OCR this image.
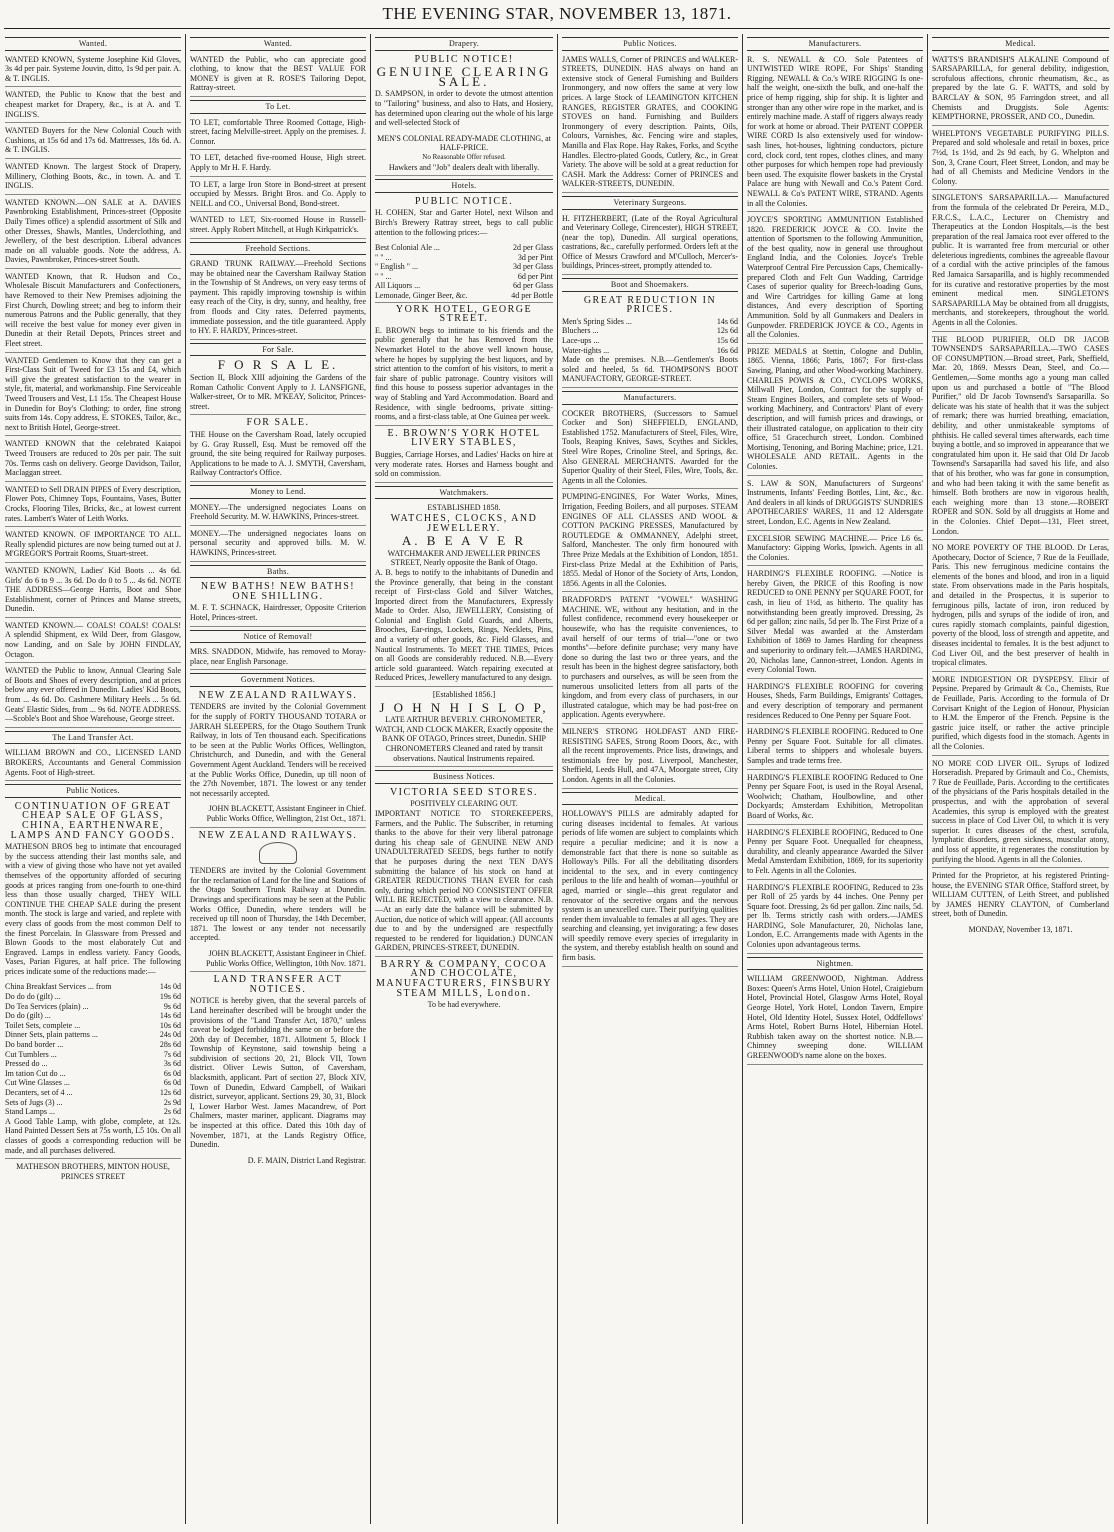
THE EVENING STAR, NOVEMBER 13, 1871.
Wanted.
WANTED KNOWN, Systeme Josephine Kid Gloves, 3s 4d per pair. Systeme Jouvin, ditto, 1s 9d per pair. A. & T. INGLIS.
WANTED, the Public to Know that the best and cheapest market for Drapery, &c., is at A. and T. INGLIS'S.
WANTED Buyers for the New Colonial Couch with Cushions, at 15s 6d and 17s 6d. Mattresses, 18s 6d. A. & T. INGLIS.
WANTED Known. The largest Stock of Drapery, Millinery, Clothing Boots, &c., in town. A. and T. INGLIS.
WANTED KNOWN.—ON SALE at A. DAVIES Pawnbroking Establishment, Princes-street (Opposite Daily Times office) a splendid assortment of Silk and other Dresses, Shawls, Mantles, Underclothing, and Jewellery, of the best description. Liberal advances made on all valuable goods. Note the address, A. Davies, Pawnbroker, Princes-street South.
WANTED Known, that R. Hudson and Co., Wholesale Biscuit Manufacturers and Confectioners, have Removed to their New Premises adjoining the First Church, Dowling street; and beg to inform their numerous Patrons and the Public generally, that they will receive the best value for money ever given in Dunedin at their Retail Depots, Princes street and Fleet street.
WANTED Gentlemen to Know that they can get a First-Class Suit of Tweed for £3 15s and £4, which will give the greatest satisfaction to the wearer in style, fit, material, and workmanship. Fine Serviceable Tweed Trousers and Vest, L1 15s. The Cheapest House in Dunedin for Boy's Clothing: to order, fine strong suits from 14s. Copy address, E. STOKES, Tailor, &c., next to British Hotel, George-street.
WANTED KNOWN that the celebrated Kaiapoi Tweed Trousers are reduced to 20s per pair. The suit 70s. Terms cash on delivery. George Davidson, Tailor, Maclaggan street.
WANTED to Sell DRAIN PIPES of Every description, Flower Pots, Chimney Tops, Fountains, Vases, Butter Crocks, Flooring Tiles, Bricks, &c., at lowest current rates. Lambert's Water of Leith Works.
WANTED KNOWN. OF IMPORTANCE TO ALL. Really splendid pictures are now being turned out at J. M'GREGOR'S Portrait Rooms, Stuart-street.
WANTED KNOWN, Ladies' Kid Boots ... 4s 6d. Girls' do 6 to 9 ... 3s 6d. Do do 0 to 5 ... 4s 6d. NOTE THE ADDRESS—George Harris, Boot and Shoe Establishment, corner of Princes and Manse streets, Dunedin.
WANTED KNOWN.— COALS! COALS! COALS! A splendid Shipment, ex Wild Deer, from Glasgow, now Landing, and on Sale by JOHN FINDLAY, Octagon.
WANTED the Public to know, Annual Clearing Sale of Boots and Shoes of every description, and at prices below any ever offered in Dunedin. Ladies' Kid Boots, from ... 4s 6d. Do. Cashmere Military Heels ... 5s 6d. Geats' Elastic Sides, from ... 9s 6d. NOTE ADDRESS.—Scoble's Boot and Shoe Warehouse, George street.
The Land Transfer Act.
WILLIAM BROWN and CO., LICENSED LAND BROKERS, Accountants and General Commission Agents. Foot of High-street.
Public Notices.
CONTINUATION OF GREAT CHEAP SALE OF GLASS, CHINA, EARTHENWARE, LAMPS AND FANCY GOODS.
MATHESON BROS beg to intimate that encouraged by the success attending their last months sale, and with a view of giving those who have not yet availed themselves of the opportunity afforded of securing goods at prices ranging from one-fourth to one-third less than those usually charged, THEY WILL CONTINUE THE CHEAP SALE during the present month. The stock is large and varied, and replete with every class of goods from the most common Delf to the finest Porcelain. In Glassware from Pressed and Blown Goods to the most elaborately Cut and Engraved. Lamps in endless variety. Fancy Goods, Vases, Parian Figures, at half price. The following prices indicate some of the reductions made:—
China Breakfast Services ... from	14s 0d
Do do do (gilt) ...	19s 6d
Do Tea Services (plain) ...	9s 6d
Do do (gilt) ...	14s 6d
Toilet Sets, complete ...	10s 6d
Dinner Sets, plain patterns ...	24s 0d
Do band border ...	28s 6d
Cut Tumblers ...	7s 6d
Pressed do ...	3s 6d
Im tation Cut do ...	6s 0d
Cut Wine Glasses ...	6s 0d
Decanters, set of 4 ...	12s 6d
Sets of Jugs (3) ...	2s 9d
Stand Lamps ...	2s 6d
A Good Table Lamp, with globe, complete, at 12s. Hand Painted Dessert Sets at 75s worth, L5 10s. On all classes of goods a corresponding reduction will be made, and all purchases delivered.
MATHESON BROTHERS, MINTON HOUSE, PRINCES STREET
Wanted.
WANTED the Public, who can appreciate good clothing, to know that the BEST VALUE FOR MONEY is given at R. ROSE'S Tailoring Depot, Rattray-street.
To Let.
TO LET, comfortable Three Roomed Cottage, High-street, facing Melville-street. Apply on the premises. J. Connor.
TO LET, detached five-roomed House, High street. Apply to Mr H. F. Hardy.
TO LET, a large Iron Store in Bond-street at present occupied by Messrs. Bright Bros. and Co. Apply to NEILL and CO., Universal Bond, Bond-street.
WANTED to LET, Six-roomed House in Russell-street. Apply Robert Mitchell, at Hugh Kirkpatrick's.
Freehold Sections.
GRAND TRUNK RAILWAY.—Freehold Sections may be obtained near the Caversham Railway Station in the Township of St Andrews, on very easy terms of payment. This rapidly improving township is within easy reach of the City, is dry, sunny, and healthy, free from floods and City rates. Deferred payments, immediate possession, and the title guaranteed. Apply to HY. F. HARDY, Princes-street.
For Sale.
F O R S A L E.
Section II, Block XIII adjoining the Gardens of the Roman Catholic Convent Apply to J. LANSFIGNE, Walker-street, Or to MR. M'KEAY, Solicitor, Princes-street.
FOR SALE.
THE House on the Caversham Road, lately occupied by G. Gray Russell, Esq. Must be removed off the ground, the site being required for Railway purposes. Applications to be made to A. J. SMYTH, Caversham, Railway Contractor's Office.
Money to Lend.
MONEY.—The undersigned negociates Loans on Freehold Security. M. W. HAWKINS, Princes-street.
MONEY.—The undersigned negociates loans on personal security and approved bills. M. W. HAWKINS, Princes-street.
Baths.
NEW BATHS! NEW BATHS! ONE SHILLING.
M. F. T. SCHNACK, Hairdresser, Opposite Criterion Hotel, Princes-street.
Notice of Removal!
MRS. SNADDON, Midwife, has removed to Moray-place, near English Parsonage.
Government Notices.
NEW ZEALAND RAILWAYS.
TENDERS are invited by the Colonial Government for the supply of FORTY THOUSAND TOTARA or JARRAH SLEEPERS, for the Otago Southern Trunk Railway, in lots of Ten thousand each. Specifications to be seen at the Public Works Offices, Wellington, Christchurch, and Dunedin, and with the General Government Agent Auckland. Tenders will be received at the Public Works Office, Dunedin, up till noon of the 27th November, 1871. The lowest or any tender not necessarily accepted.
JOHN BLACKETT, Assistant Engineer in Chief. Public Works Office, Wellington, 21st Oct., 1871.
NEW ZEALAND RAILWAYS.
TENDERS are invited by the Colonial Government for the reclamation of Land for the line and Stations of the Otago Southern Trunk Railway at Dunedin. Drawings and specifications may be seen at the Public Works Office, Dunedin, where tenders will be received up till noon of Thursday, the 14th December, 1871. The lowest or any tender not necessarily accepted.
JOHN BLACKETT, Assistant Engineer in Chief. Public Works Office, Wellington, 10th Nov. 1871.
LAND TRANSFER ACT NOTICES.
NOTICE is hereby given, that the several parcels of Land hereinafter described will be brought under the provisions of the "Land Transfer Act, 1870," unless caveat be lodged forbidding the same on or before the 20th day of December, 1871. Allotment 5, Block I Township of Keynstone, said township being a subdivision of sections 20, 21, Block VII, Town district. Oliver Lewis Sutton, of Caversham, blacksmith, applicant. Part of section 27, Block XIV, Town of Dunedin, Edward Campbell, of Waikari district, surveyor, applicant. Sections 29, 30, 31, Block I, Lower Harbor West. James Macandrew, of Port Chalmers, master mariner, applicant. Diagrams may be inspected at this office. Dated this 10th day of November, 1871, at the Lands Registry Office, Dunedin.
D. F. MAIN, District Land Registrar.
Drapery.
PUBLIC NOTICE!
GENUINE CLEARING SALE.
D. SAMPSON, in order to devote the utmost attention to "Tailoring" business, and also to Hats, and Hosiery, has determined upon clearing out the whole of his large and well-selected Stock of
MEN'S COLONIAL READY-MADE CLOTHING, at HALF-PRICE.
No Reasonable Offer refused.
Hawkers and "Job" dealers dealt with liberally.
Hotels.
PUBLIC NOTICE.
H. COHEN, Star and Garter Hotel, next Wilson and Birch's Brewery Rattray street, begs to call public attention to the following prices:—
Best Colonial Ale ...	2d per Glass
" " ...	3d per Pint
" English " ...	3d per Glass
" " ...	6d per Pint
All Liquors ...	6d per Glass
Lemonade, Ginger Beer, &c.	4d per Bottle
YORK HOTEL, GEORGE STREET.
E. BROWN begs to intimate to his friends and the public generally that he has Removed from the Newmarket Hotel to the above well known house, where he hopes by supplying the best liquors, and by strict attention to the comfort of his visitors, to merit a fair share of public patronage. Country visitors will find this house to possess superior advantages in the way of Stabling and Yard Accommodation. Board and Residence, with single bedrooms, private sitting-rooms, and a first-class table, at One Guinea per week.
E. BROWN'S YORK HOTEL LIVERY STABLES,
Buggies, Carriage Horses, and Ladies' Hacks on hire at very moderate rates. Horses and Harness bought and sold on commission.
Watchmakers.
ESTABLISHED 1858.
WATCHES, CLOCKS, AND JEWELLERY.
A. B E A V E R
WATCHMAKER AND JEWELLER PRINCES STREET, Nearly opposite the Bank of Otago.
A. B. begs to notify to the inhabitants of Dunedin and the Province generally, that being in the constant receipt of First-class Gold and Silver Watches, Imported direct from the Manufacturers, Expressly Made to Order. Also, JEWELLERY, Consisting of Colonial and English Gold Guards, and Alberts, Brooches, Ear-rings, Lockets, Rings, Necklets, Pins, and a variety of other goods, &c. Field Glasses, and Nautical Instruments. To MEET THE TIMES, Prices on all Goods are considerably reduced. N.B.—Every article sold guaranteed. Watch repairing executed at Reduced Prices, Jewellery manufactured to any design.
[Established 1856.]
J O H N H I S L O P,
LATE ARTHUR BEVERLY. CHRONOMETER, WATCH, AND CLOCK MAKER, Exactly opposite the BANK OF OTAGO, Princes street, Dunedin. SHIP CHRONOMETERS Cleaned and rated by transit observations. Nautical Instruments repaired.
Business Notices.
VICTORIA SEED STORES.
POSITIVELY CLEARING OUT.
IMPORTANT NOTICE TO STOREKEEPERS, Farmers, and the Public. The Subscriber, in returning thanks to the above for their very liberal patronage during his cheap sale of GENUINE NEW AND UNADULTERATED SEEDS, begs further to notify that he purposes during the next TEN DAYS submitting the balance of his stock on hand at GREATER REDUCTIONS THAN EVER for cash only, during which period NO CONSISTENT OFFER WILL BE REJECTED, with a view to clearance. N.B.—At an early date the balance will be submitted by Auction, due notice of which will appear. (All accounts due to and by the undersigned are respectfully requested to be rendered for liquidation.) DUNCAN GARDEN, PRINCES-STREET, DUNEDIN.
BARRY & COMPANY, COCOA AND CHOCOLATE, MANUFACTURERS, FINSBURY STEAM MILLS, London.
To be had everywhere.
Public Notices.
JAMES WALLS, Corner of PRINCES and WALKER-STREETS, DUNEDIN. HAS always on hand an extensive stock of General Furnishing and Builders Ironmongery, and now offers the same at very low prices. A large Stock of LEAMINGTON KITCHEN RANGES, REGISTER GRATES, and COOKING STOVES on hand. Furnishing and Builders Ironmongery of every description. Paints, Oils, Colours, Varnishes, &c. Fencing wire and staples, Manilla and Flax Rope. Hay Rakes, Forks, and Scythe Handles. Electro-plated Goods, Cutlery, &c., in Great Variety. The above will be sold at a great reduction for CASH. Mark the Address: Corner of PRINCES and WALKER-STREETS, DUNEDIN.
Veterinary Surgeons.
H. FITZHERBERT, (Late of the Royal Agricultural and Veterinary College, Cirencester), HIGH STREET, (near the top), Dunedin. All surgical operations, castrations, &c., carefully performed. Orders left at the Office of Messrs Crawford and M'Culloch, Mercer's-buildings, Princes-street, promptly attended to.
Boot and Shoemakers.
GREAT REDUCTION IN PRICES.
Men's Spring Sides ...	14s 6d
Bluchers ...	12s 6d
Lace-ups ...	15s 6d
Water-tights ...	16s 6d
Made on the premises. N.B.—Gentlemen's Boots soled and heeled, 5s 6d. THOMPSON'S BOOT MANUFACTORY, GEORGE-STREET.
Manufacturers.
COCKER BROTHERS, (Successors to Samuel Cocker and Son) SHEFFIELD, ENGLAND, Established 1752. Manufacturers of Steel, Files, Wire, Tools, Reaping Knives, Saws, Scythes and Sickles, Steel Wire Ropes, Crinoline Steel, and Springs, &c. Also GENERAL MERCHANTS. Awarded for the Superior Quality of their Steel, Files, Wire, Tools, &c. Agents in all the Colonies.
PUMPING-ENGINES, For Water Works, Mines, Irrigation, Feeding Boilers, and all purposes. STEAM ENGINES OF ALL CLASSES AND WOOL & COTTON PACKING PRESSES, Manufactured by ROUTLEDGE & OMMANNEY, Adelphi street, Salford, Manchester. The only firm honoured with Three Prize Medals at the Exhibition of London, 1851. First-class Prize Medal at the Exhibition of Paris, 1855. Medal of Honor of the Society of Arts, London, 1856. Agents in all the Colonies.
BRADFORD'S PATENT "VOWEL" WASHING MACHINE. WE, without any hesitation, and in the fullest confidence, recommend every housekeeper or housewife, who has the requisite conveniences, to avail herself of our terms of trial—"one or two months"—before definite purchase; very many have done so during the last two or three years, and the result has been in the highest degree satisfactory, both to purchasers and ourselves, as will be seen from the numerous unsolicited letters from all parts of the kingdom, and from every class of purchasers, in our illustrated catalogue, which may be had post-free on application. Agents everywhere.
MILNER'S STRONG HOLDFAST AND FIRE-RESISTING SAFES, Strong Room Doors, &c., with all the recent improvements. Price lists, drawings, and testimonials free by post. Liverpool, Manchester, Sheffield, Leeds Hull, and 47A, Moorgate street, City London. Agents in all the Colonies.
Medical.
HOLLOWAY'S PILLS are admirably adapted for curing diseases incidental to females. At various periods of life women are subject to complaints which require a peculiar medicine; and it is now a demonstrable fact that there is none so suitable as Holloway's Pills. For all the debilitating disorders incidental to the sex, and in every contingency perilous to the life and health of woman—youthful or aged, married or single—this great regulator and renovator of the secretive organs and the nervous system is an unexcelled cure. Their purifying qualities render them invaluable to females at all ages. They are searching and cleansing, yet invigorating; a few doses will speedily remove every species of irregularity in the system, and thereby establish health on sound and firm basis.
Manufacturers.
R. S. NEWALL & CO. Sole Patentees of UNTWISTED WIRE ROPE, For Ships' Standing Rigging. NEWALL & Co.'s WIRE RIGGING Is one-half the weight, one-sixth the bulk, and one-half the price of hemp rigging, ship for ship. It is lighter and stronger than any other wire rope in the market, and is entirely machine made. A staff of riggers always ready for work at home or abroad. Their PATENT COPPER WIRE CORD Is also extensively used for window-sash lines, hot-houses, lightning conductors, picture cord, clock cord, tent ropes, clothes clines, and many other purposes for which hempen rope had previously been used. The exquisite flower baskets in the Crystal Palace are hung with Newall and Co.'s Patent Cord. NEWALL & Co's PATENT WIRE, STRAND. Agents in all the Colonies.
JOYCE'S SPORTING AMMUNITION Established 1820. FREDERICK JOYCE & CO. Invite the attention of Sportsmen to the following Ammunition, of the best quality, now in general use throughout England India, and the Colonies. Joyce's Treble Waterproof Central Fire Percussion Caps, Chemically-prepared Cloth and Felt Gun Wadding, Cartridge Cases of superior quality for Breech-loading Guns, and Wire Cartridges for killing Game at long distances, And every description of Sporting Ammunition. Sold by all Gunmakers and Dealers in Gunpowder. FREDERICK JOYCE & CO., Agents in all the Colonies.
PRIZE MEDALS at Stettin, Cologne and Dublin, 1865. Vienna, 1866; Paris, 1867; For first-class Sawing, Planing, and other Wood-working Machinery. CHARLES POWIS & CO., CYCLOPS WORKS, Millwall Pier, London, Contract for the supply of Steam Engines Boilers, and complete sets of Wood-working Machinery, and Contractors' Plant of every description, and will furnish prices and drawings, or their illustrated catalogue, on application to their city office, 51 Gracechurch street, London. Combined Mortising, Tenoning, and Boring Machine; price, L21. WHOLESALE AND RETAIL. Agents in the Colonies.
S. LAW & SON, Manufacturers of Surgeons' Instruments, Infants' Feeding Bottles, Lint, &c., &c. And dealers in all kinds of DRUGGISTS' SUNDRIES APOTHECARIES' WARES, 11 and 12 Aldersgate street, London, E.C. Agents in New Zealand.
EXCELSIOR SEWING MACHINE.— Price L6 6s. Manufactory: Gipping Works, Ipswich. Agents in all the Colonies.
HARDING'S FLEXIBLE ROOFING. —Notice is hereby Given, the PRICE of this Roofing is now REDUCED to ONE PENNY per SQUARE FOOT, for cash, in lieu of 1½d, as hitherto. The quality has notwithstanding been greatly improved. Dressing, 2s 6d per gallon; zinc nails, 5d per lb. The First Prize of a Silver Medal was awarded at the Amsterdam Exhibition of 1869 to James Harding for cheapness and superiority to ordinary felt.—JAMES HARDING, 20, Nicholas lane, Cannon-street, London. Agents in every Colonial Town.
HARDING'S FLEXIBLE ROOFING for covering Houses, Sheds, Farm Buildings, Emigrants' Cottages, and every description of temporary and permanent residences Reduced to One Penny per Square Foot.
HARDING'S FLEXIBLE ROOFING. Reduced to One Penny per Square Foot. Suitable for all climates. Liberal terms to shippers and wholesale buyers. Samples and trade terms free.
HARDING'S FLEXIBLE ROOFING Reduced to One Penny per Square Foot, is used in the Royal Arsenal, Woolwich; Chatham, Houlbowline, and other Dockyards; Amsterdam Exhibition, Metropolitan Board of Works, &c.
HARDING'S FLEXIBLE ROOFING, Reduced to One Penny per Square Foot. Unequalled for cheapness, durability, and cleanly appearance Awarded the Silver Medal Amsterdam Exhibition, 1869, for its superiority to Felt. Agents in all the Colonies.
HARDING'S FLEXIBLE ROOFING, Reduced to 23s per Roll of 25 yards by 44 inches. One Penny per Square foot. Dressing, 2s 6d per gallon. Zinc nails, 5d. per lb. Terms strictly cash with orders.—JAMES HARDING, Sole Manufacturer, 20, Nicholas lane, London, E.C. Arrangements made with Agents in the Colonies upon advantageous terms.
Nightmen.
WILLIAM GREENWOOD, Nightman. Address Boxes: Queen's Arms Hotel, Union Hotel, Craigieburn Hotel, Provincial Hotel, Glasgow Arms Hotel, Royal George Hotel, York Hotel, London Tavern, Empire Hotel, Old Identity Hotel, Sussex Hotel, Oddfellows' Arms Hotel, Robert Burns Hotel, Hibernian Hotel. Rubbish taken away on the shortest notice. N.B.—Chimney sweeping done. WILLIAM GREENWOOD's name alone on the boxes.
Medical.
WATTS'S BRANDISH'S ALKALINE Compound of SARSAPARILLA, for general debility, indigestion, scrofulous affections, chronic rheumatism, &c., as prepared by the late G. F. WATTS, and sold by BARCLAY & SON, 95 Farringdon street, and all Chemists and Druggists. Sole Agents: KEMPTHORNE, PROSSER, AND CO., Dunedin.
WHELPTON'S VEGETABLE PURIFYING PILLS. Prepared and sold wholesale and retail in boxes, price 7½d, 1s 1½d, and 2s 9d each, by G. Whelpton and Son, 3, Crane Court, Fleet Street, London, and may be had of all Chemists and Medicine Vendors in the Colony.
SINGLETON'S SARSAPARILLA.— Manufactured from the formula of the celebrated Dr Pereira, M.D., F.R.C.S., L.A.C., Lecturer on Chemistry and Therapeutics at the London Hospitals,—is the best preparation of the real Jamaica root ever offered to the public. It is warranted free from mercurial or other deleterious ingredients, combines the agreeable flavour of a cordial with the active principles of the famous Red Jamaica Sarsaparilla, and is highly recommended for its curative and restorative properties by the most eminent medical men. SINGLETON'S SARSAPARILLA May be obtained from all druggists, merchants, and storekeepers, throughout the world. Agents in all the Colonies.
THE BLOOD PURIFIER, OLD DR JACOB TOWNSEND'S SARSAPARILLA.—TWO CASES OF CONSUMPTION.—Broad street, Park, Sheffield, Mar. 20, 1869. Messrs Dean, Steel, and Co.—Gentlemen,—Some months ago a young man called upon us and purchased a bottle of "The Blood Purifier," old Dr Jacob Townsend's Sarsaparilla. So delicate was his state of health that it was the subject of remark; there was hurried breathing, emaciation, debility, and other unmistakeable symptoms of phthisis. He called several times afterwards, each time buying a bottle, and so improved in appearance that we congratulated him upon it. He said that Old Dr Jacob Townsend's Sarsaparilla had saved his life, and also that of his brother, who was far gone in consumption, and who had been taking it with the same benefit as himself. Both brothers are now in vigorous health, each weighing more than 13 stone.—ROBERT ROPER and SON. Sold by all druggists at Home and in the Colonies. Chief Depot—131, Fleet street, London.
NO MORE POVERTY OF THE BLOOD. Dr Leras, Apothecary, Doctor of Science, 7 Rue de la Feuillade, Paris. This new ferruginous medicine contains the elements of the bones and blood, and iron in a liquid state. From observations made in the Paris hospitals, and detailed in the Prospectus, it is superior to ferruginous pills, lactate of iron, iron reduced by hydrogen, pills and syrups of the iodide of iron, and cures rapidly stomach complaints, painful digestion, poverty of the blood, loss of strength and appetite, and diseases incidental to females. It is the best adjunct to Cod Liver Oil, and the best preserver of health in tropical climates.
MORE INDIGESTION OR DYSPEPSY. Elixir of Pepsine. Prepared by Grimault & Co., Chemists, Rue de Feuillade, Paris. According to the formula of Dr Corvisart Knight of the Legion of Honour, Physician to H.M. the Emperor of the French. Pepsine is the gastric juice itself, or rather the active principle purified, which digests food in the stomach. Agents in all the Colonies.
NO MORE COD LIVER OIL. Syrups of Iodized Horseradish. Prepared by Grimault and Co., Chemists, 7 Rue de Feuillade, Paris. According to the certificates of the physicians of the Paris hospitals detailed in the prospectus, and with the approbation of several Academies, this syrup is employed with the greatest success in place of Cod Liver Oil, to which it is very superior. It cures diseases of the chest, scrofula, lymphatic disorders, green sickness, muscular atony, and loss of appetite, it regenerates the constitution by purifying the blood. Agents in all the Colonies.
Printed for the Proprietor, at his registered Printing-house, the EVENING STAR Office, Stafford street, by WILLIAM CUTTEN, of Leith Street, and published by JAMES HENRY CLAYTON, of Cumberland street, both of Dunedin.
MONDAY, November 13, 1871.
